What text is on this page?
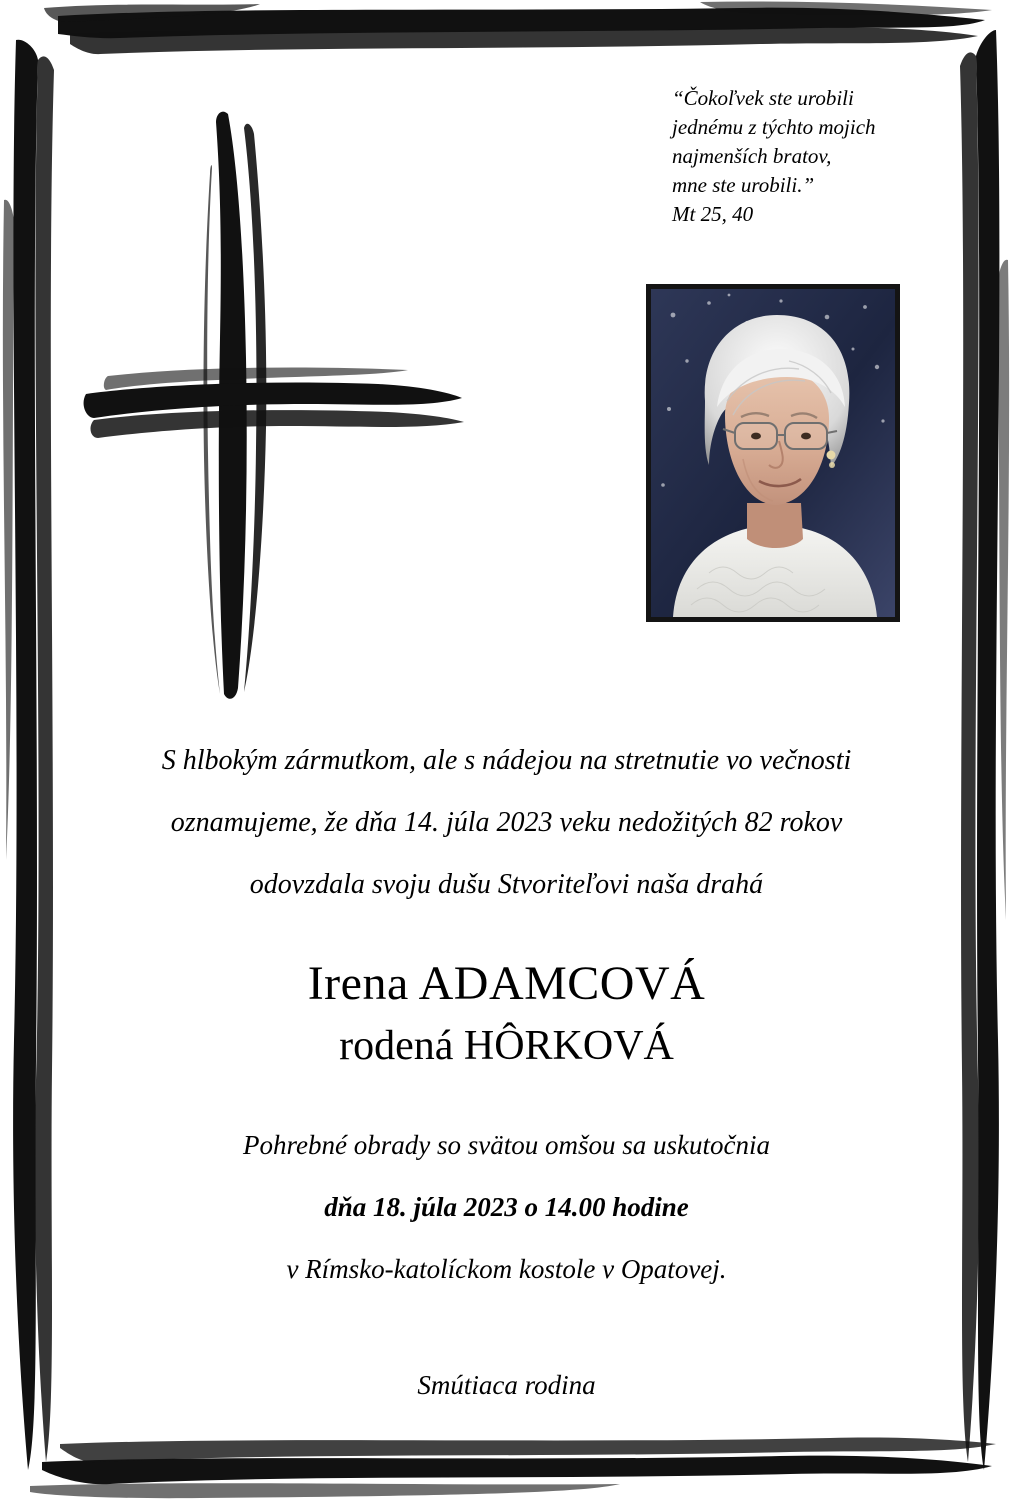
“Čokoľvek ste urobili
jednému z týchto mojich
najmenších bratov,
mne ste urobili.”
Mt 25, 40
S hlbokým zármutkom, ale s nádejou na stretnutie vo večnosti
oznamujeme, že dňa 14. júla 2023 veku nedožitých 82 rokov
odovzdala svoju dušu Stvoriteľovi naša drahá
Irena ADAMCOVÁ
rodená HÔRKOVÁ
Pohrebné obrady so svätou omšou sa uskutočnia
dňa 18. júla 2023 o 14.00 hodine
v Rímsko-katolíckom kostole v Opatovej.
Smútiaca rodina
